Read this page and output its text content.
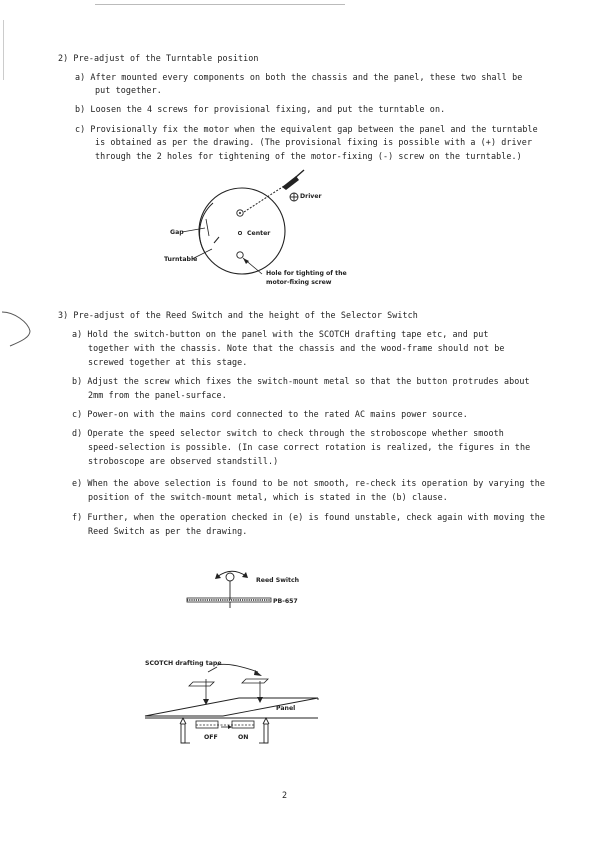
2) Pre-adjust of the Turntable position
a) After mounted every components on both the chassis and the panel, these two shall be
put together.
b) Loosen the 4 screws for provisional fixing, and put the turntable on.
c) Provisionally fix the motor when the equivalent gap between the panel and the turntable
is obtained as per the drawing. (The provisional fixing is possible with a (+) driver
through the 2 holes for tightening of the motor-fixing (-) screw on the turntable.)
Driver
Gap	Center
Turntable
Hole for tighting of the
motor-fixing screw
3) Pre-adjust of the Reed Switch and the height of the Selector Switch
a) Hold the switch-button on the panel with the SCOTCH drafting tape etc, and put
together with the chassis. Note that the chassis and the wood-frame should not be
screwed together at this stage.
b) Adjust the screw which fixes the switch-mount metal so that the button protrudes about
2mm from the panel-surface.
c) Power-on with the mains cord connected to the rated AC mains power source.
d) Operate the speed selector switch to check through the stroboscope whether smooth
speed-selection is possible. (In case correct rotation is realized, the figures in the
stroboscope are observed standstill.)
e) When the above selection is found to be not smooth, re-check its operation by varying the
position of the switch-mount metal, which is stated in the (b) clause.
f) Further, when the operation checked in (e) is found unstable, check again with moving the
Reed Switch as per the drawing.
Reed Switch
PB-657
SCOTCH drafting tape
Panel
OFF	ON
2
